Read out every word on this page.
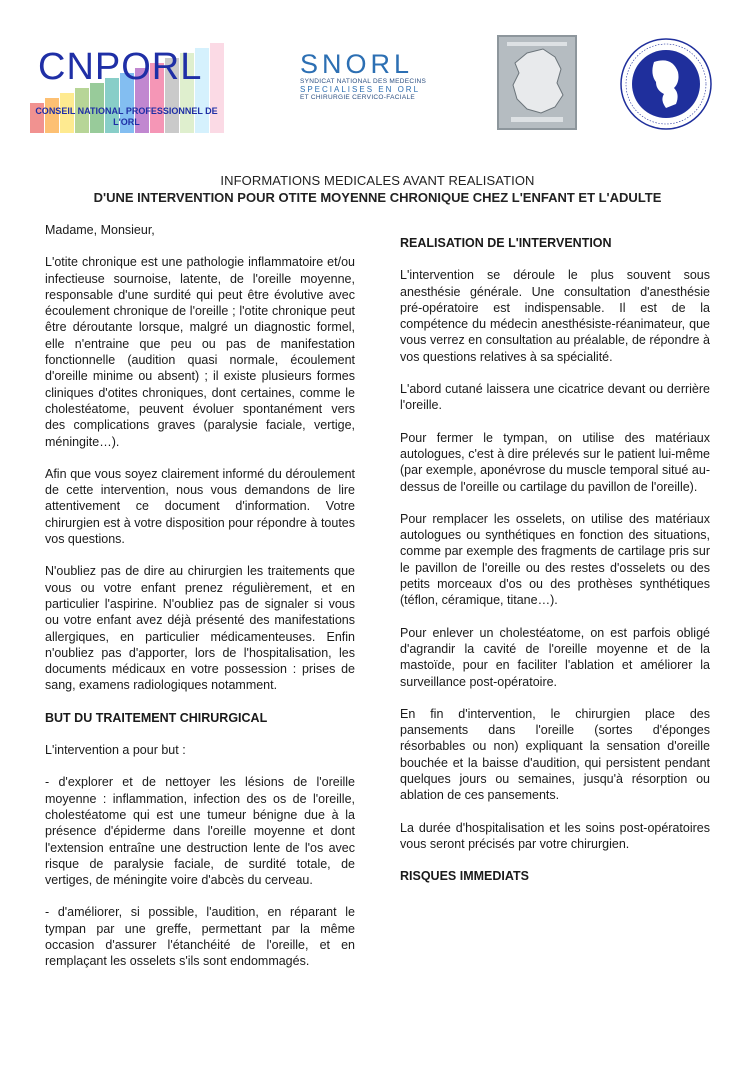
CNPORL
CONSEIL NATIONAL PROFESSIONNEL DE L'ORL
SNORL
SYNDICAT NATIONAL DES MEDECINS
SPECIALISES EN ORL
ET CHIRURGIE CERVICO-FACIALE
INFORMATIONS MEDICALES AVANT REALISATION
D'UNE INTERVENTION POUR OTITE MOYENNE CHRONIQUE CHEZ L'ENFANT ET L'ADULTE

Madame, Monsieur,

L'otite chronique est une pathologie inflammatoire et/ou infectieuse sournoise, latente, de l'oreille moyenne, responsable d'une surdité qui peut être évolutive avec écoulement chronique de l'oreille ; l'otite chronique peut être déroutante lorsque, malgré un diagnostic formel, elle n'entraine que peu ou pas de manifestation fonctionnelle (audition quasi normale, écoulement d'oreille minime ou absent) ; il existe plusieurs formes cliniques d'otites chroniques, dont certaines, comme le cholestéatome, peuvent évoluer spontanément vers des complications graves (paralysie faciale, vertige, méningite…).

Afin que vous soyez clairement informé du déroulement de cette intervention, nous vous demandons de lire attentivement ce document d'information. Votre chirurgien est à votre disposition pour répondre à toutes vos questions.

N'oubliez pas de dire au chirurgien les traitements que vous ou votre enfant prenez régulièrement, et en particulier l'aspirine. N'oubliez pas de signaler si vous ou votre enfant avez déjà présenté des manifestations allergiques, en particulier médicamenteuses. Enfin n'oubliez pas d'apporter, lors de l'hospitalisation, les documents médicaux en votre possession : prises de sang, examens radiologiques notamment.

BUT DU TRAITEMENT CHIRURGICAL

L'intervention a pour but :

- d'explorer et de nettoyer les lésions de l'oreille moyenne : inflammation, infection des os de l'oreille, cholestéatome qui est une tumeur bénigne due à la présence d'épiderme dans l'oreille moyenne et dont l'extension entraîne une destruction lente de l'os avec risque de paralysie faciale, de surdité totale, de vertiges, de méningite voire d'abcès du cerveau.

- d'améliorer, si possible, l'audition, en réparant le tympan par une greffe, permettant par la même occasion d'assurer l'étanchéité de l'oreille, et en remplaçant les osselets s'ils sont endommagés.

REALISATION DE L'INTERVENTION

L'intervention se déroule le plus souvent sous anesthésie générale. Une consultation d'anesthésie pré-opératoire est indispensable. Il est de la compétence du médecin anesthésiste-réanimateur, que vous verrez en consultation au préalable, de répondre à vos questions relatives à sa spécialité.

L'abord cutané laissera une cicatrice devant ou derrière l'oreille.

Pour fermer le tympan, on utilise des matériaux autologues, c'est à dire prélevés sur le patient lui-même (par exemple, aponévrose du muscle temporal situé au-dessus de l'oreille ou cartilage du pavillon de l'oreille).

Pour remplacer les osselets, on utilise des matériaux autologues ou synthétiques en fonction des situations, comme par exemple des fragments de cartilage pris sur le pavillon de l'oreille ou des restes d'osselets ou des petits morceaux d'os ou des prothèses synthétiques (téflon, céramique, titane…).

Pour enlever un cholestéatome, on est parfois obligé d'agrandir la cavité de l'oreille moyenne et de la mastoïde, pour en faciliter l'ablation et améliorer la surveillance post-opératoire.

En fin d'intervention, le chirurgien place des pansements dans l'oreille (sortes d'éponges résorbables ou non) expliquant la sensation d'oreille bouchée et la baisse d'audition, qui persistent pendant quelques jours ou semaines, jusqu'à résorption ou ablation de ces pansements.

La durée d'hospitalisation et les soins post-opératoires vous seront précisés par votre chirurgien.

RISQUES IMMEDIATS
